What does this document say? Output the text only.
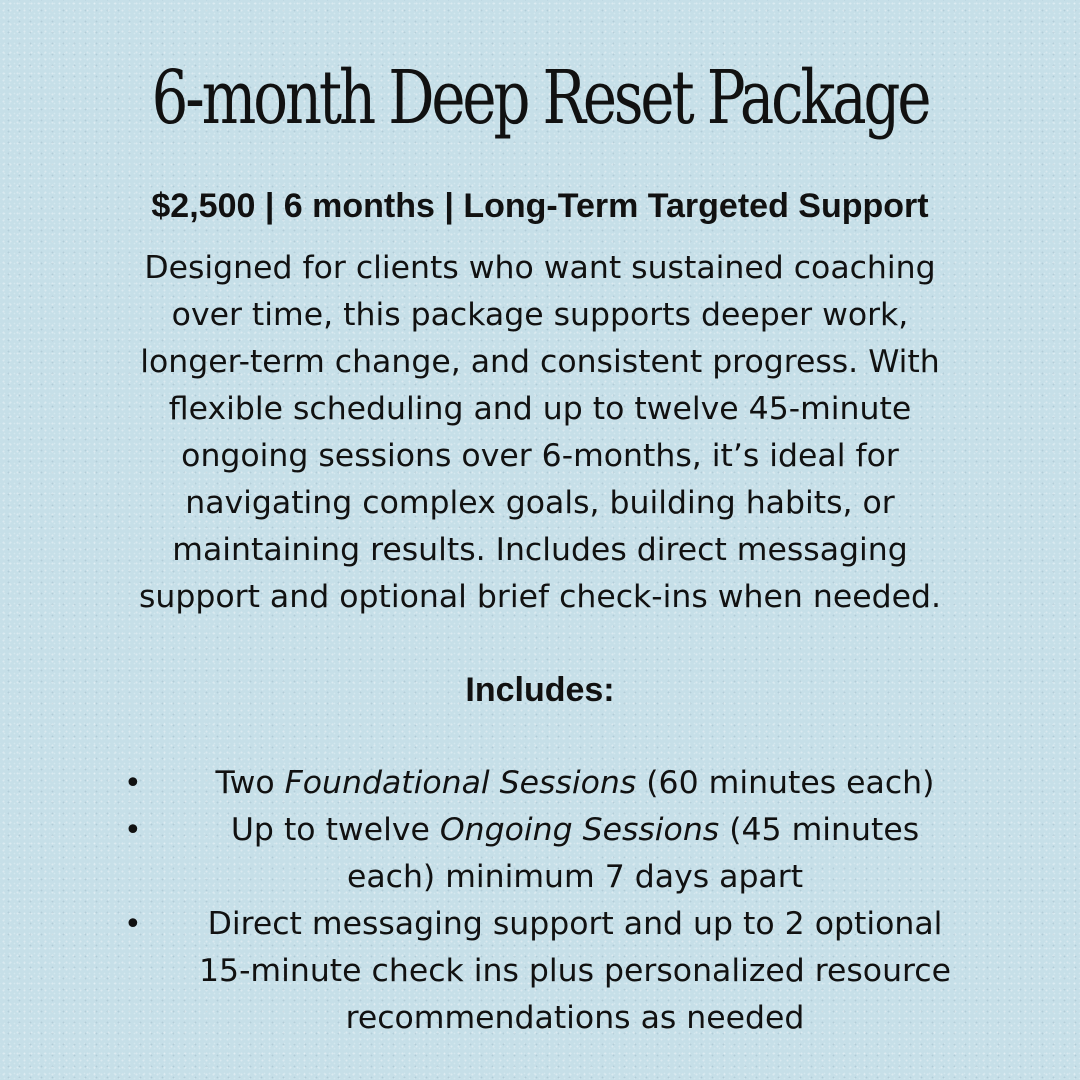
6-month Deep Reset Package
$2,500 | 6 months | Long-Term Targeted Support
Designed for clients who want sustained coaching
over time, this package supports deeper work,
longer-term change, and consistent progress. With
flexible scheduling and up to twelve 45-minute
ongoing sessions over 6-months, it’s ideal for
navigating complex goals, building habits, or
maintaining results. Includes direct messaging
support and optional brief check-ins when needed.
Includes:
•	Two Foundational Sessions (60 minutes each)
•	Up to twelve Ongoing Sessions (45 minutes
each) minimum 7 days apart
•	Direct messaging support and up to 2 optional
15-minute check ins plus personalized resource
recommendations as needed
